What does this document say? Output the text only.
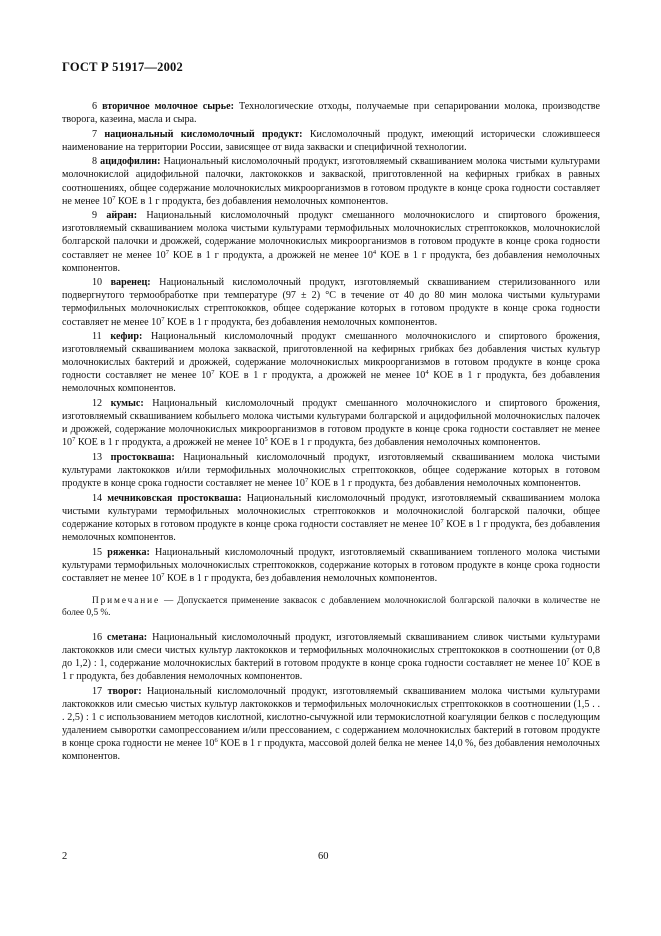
ГОСТ Р 51917—2002
6 вторичное молочное сырье: Технологические отходы, получаемые при сепарировании молока, производстве творога, казеина, масла и сыра.
7 национальный кисломолочный продукт: Кисломолочный продукт, имеющий исторически сложившееся наименование на территории России, зависящее от вида закваски и специфичной технологии.
8 ацидофилин: Национальный кисломолочный продукт, изготовляемый сквашиванием молока чистыми культурами молочнокислой ацидофильной палочки, лактококков и закваской, приготовленной на кефирных грибках в равных соотношениях, общее содержание молочнокислых микроорганизмов в готовом продукте в конце срока годности составляет не менее $10^7$ КОЕ в 1 г продукта, без добавления немолочных компонентов.
9 айран: Национальный кисломолочный продукт смешанного молочнокислого и спиртового брожения, изготовляемый сквашиванием молока чистыми культурами термофильных молочнокислых стрептококков, молочнокислой болгарской палочки и дрожжей, содержание молочнокислых микроорганизмов в готовом продукте в конце срока годности составляет не менее $10^7$ КОЕ в 1 г продукта, а дрожжей не менее $10^4$ КОЕ в 1 г продукта, без добавления немолочных компонентов.
10 варенец: Национальный кисломолочный продукт, изготовляемый сквашиванием стерилизованного или подвергнутого термообработке при температуре (97 ± 2) °С в течение от 40 до 80 мин молока чистыми культурами термофильных молочнокислых стрептококков, общее содержание которых в готовом продукте в конце срока годности составляет не менее $10^7$ КОЕ в 1 г продукта, без добавления немолочных компонентов.
11 кефир: Национальный кисломолочный продукт смешанного молочнокислого и спиртового брожения, изготовляемый сквашиванием молока закваской, приготовленной на кефирных грибках без добавления чистых культур молочнокислых бактерий и дрожжей, содержание молочнокислых микроорганизмов в готовом продукте в конце срока годности составляет не менее $10^7$ КОЕ в 1 г продукта, а дрожжей не менее $10^4$ КОЕ в 1 г продукта, без добавления немолочных компонентов.
12 кумыс: Национальный кисломолочный продукт смешанного молочнокислого и спиртового брожения, изготовляемый сквашиванием кобыльего молока чистыми культурами болгарской и ацидофильной молочнокислых палочек и дрожжей, содержание молочнокислых микроорганизмов в готовом продукте в конце срока годности составляет не менее $10^7$ КОЕ в 1 г продукта, а дрожжей не менее $10^5$ КОЕ в 1 г продукта, без добавления немолочных компонентов.
13 простокваша: Национальный кисломолочный продукт, изготовляемый сквашиванием молока чистыми культурами лактококков и/или термофильных молочнокислых стрептококков, общее содержание которых в готовом продукте в конце срока годности составляет не менее $10^7$ КОЕ в 1 г продукта, без добавления немолочных компонентов.
14 мечниковская простокваша: Национальный кисломолочный продукт, изготовляемый сквашиванием молока чистыми культурами термофильных молочнокислых стрептококков и молочнокислой болгарской палочки, общее содержание которых в готовом продукте в конце срока годности составляет не менее $10^7$ КОЕ в 1 г продукта, без добавления немолочных компонентов.
15 ряженка: Национальный кисломолочный продукт, изготовляемый сквашиванием топленого молока чистыми культурами термофильных молочнокислых стрептококков, содержание которых в готовом продукте в конце срока годности составляет не менее $10^7$ КОЕ в 1 г продукта, без добавления немолочных компонентов.
Примечание — Допускается применение заквасок с добавлением молочнокислой болгарской палочки в количестве не более 0,5 %.
16 сметана: Национальный кисломолочный продукт, изготовляемый сквашиванием сливок чистыми культурами лактококков или смеси чистых культур лактококков и термофильных молочнокислых стрептококков в соотношении (от 0,8 до 1,2) : 1, содержание молочнокислых бактерий в готовом продукте в конце срока годности составляет не менее $10^7$ КОЕ в 1 г продукта, без добавления немолочных компонентов.
17 творог: Национальный кисломолочный продукт, изготовляемый сквашиванием молока чистыми культурами лактококков или смесью чистых культур лактококков и термофильных молочнокислых стрептококков в соотношении (1,5 . . . 2,5) : 1 с использованием методов кислотной, кислотно-сычужной или термокислотной коагуляции белков с последующим удалением сыворотки самопрессованием и/или прессованием, с содержанием молочнокислых бактерий в готовом продукте в конце срока годности не менее $10^6$ КОЕ в 1 г продукта, массовой долей белка не менее 14,0 %, без добавления немолочных компонентов.
2	60
